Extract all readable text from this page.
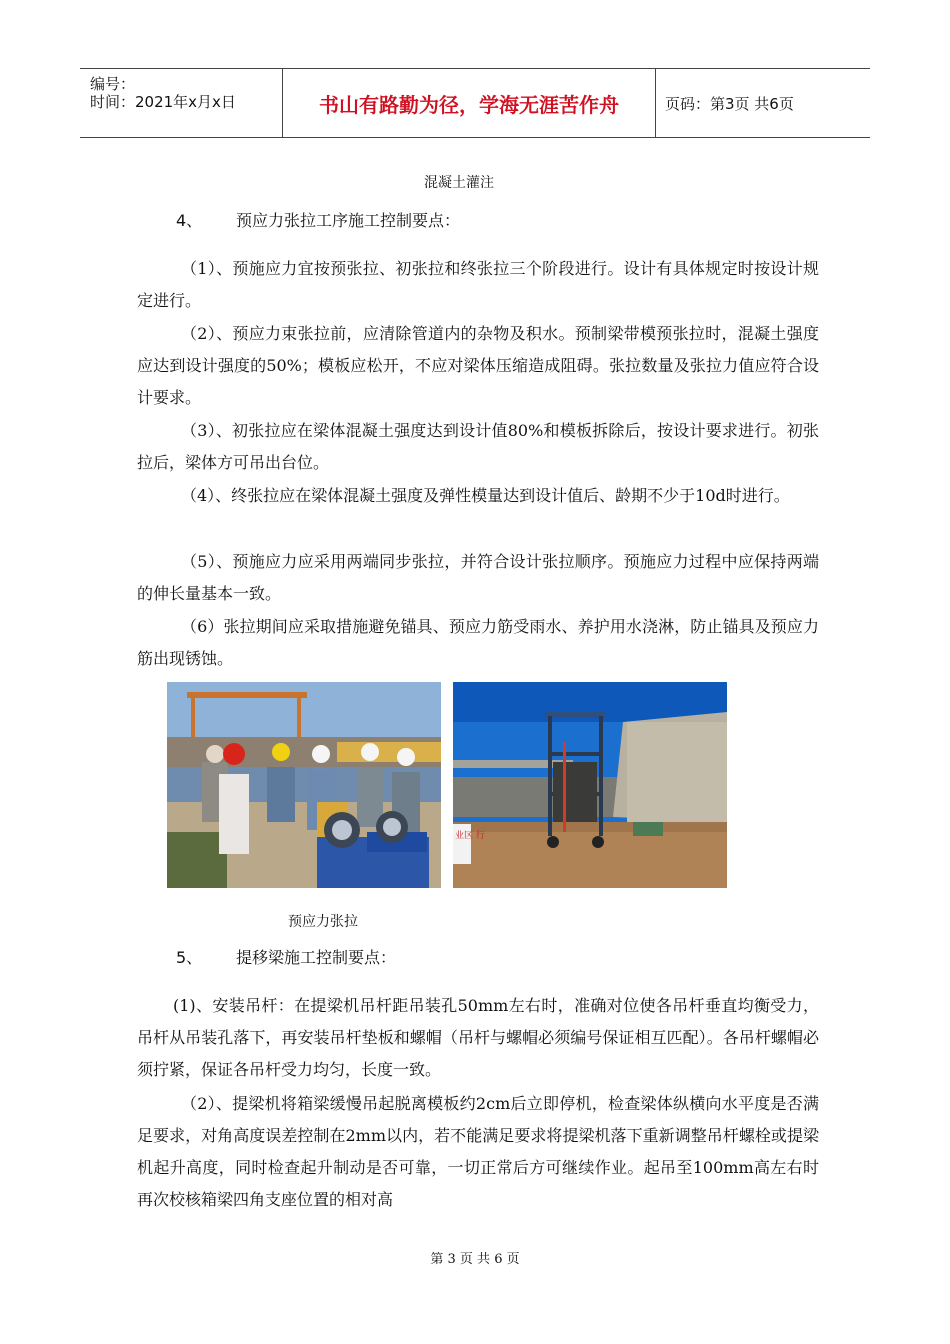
编号：
时间：2021年x月x日	书山有路勤为径，学海无涯苦作舟	页码：第3页 共6页
混凝土灌注
4、 预应力张拉工序施工控制要点：

（1）、预施应力宜按预张拉、初张拉和终张拉三个阶段进行。设计有具体规定时按设计规定进行。

（2）、预应力束张拉前，应清除管道内的杂物及积水。预制梁带模预张拉时，混凝土强度应达到设计强度的50%；模板应松开，不应对梁体压缩造成阻碍。张拉数量及张拉力值应符合设计要求。

（3）、初张拉应在梁体混凝土强度达到设计值80%和模板拆除后，按设计要求进行。初张拉后，梁体方可吊出台位。

（4）、终张拉应在梁体混凝土强度及弹性模量达到设计值后、龄期不少于10d时进行。

（5）、预施应力应采用两端同步张拉，并符合设计张拉顺序。预施应力过程中应保持两端的伸长量基本一致。

（6）张拉期间应采取措施避免锚具、预应力筋受雨水、养护用水浇淋，防止锚具及预应力筋出现锈蚀。

业区 行
预应力张拉
5、 提移梁施工控制要点：

(1)、安装吊杆：在提梁机吊杆距吊装孔50mm左右时，准确对位使各吊杆垂直均衡受力，吊杆从吊装孔落下，再安装吊杆垫板和螺帽（吊杆与螺帽必须编号保证相互匹配）。各吊杆螺帽必须拧紧，保证各吊杆受力均匀，长度一致。

（2）、提梁机将箱梁缓慢吊起脱离模板约2cm后立即停机，检查梁体纵横向水平度是否满足要求，对角高度误差控制在2mm以内，若不能满足要求将提梁机落下重新调整吊杆螺栓或提梁机起升高度，同时检查起升制动是否可靠，一切正常后方可继续作业。起吊至100mm高左右时再次校核箱梁四角支座位置的相对高

第 3 页 共 6 页
